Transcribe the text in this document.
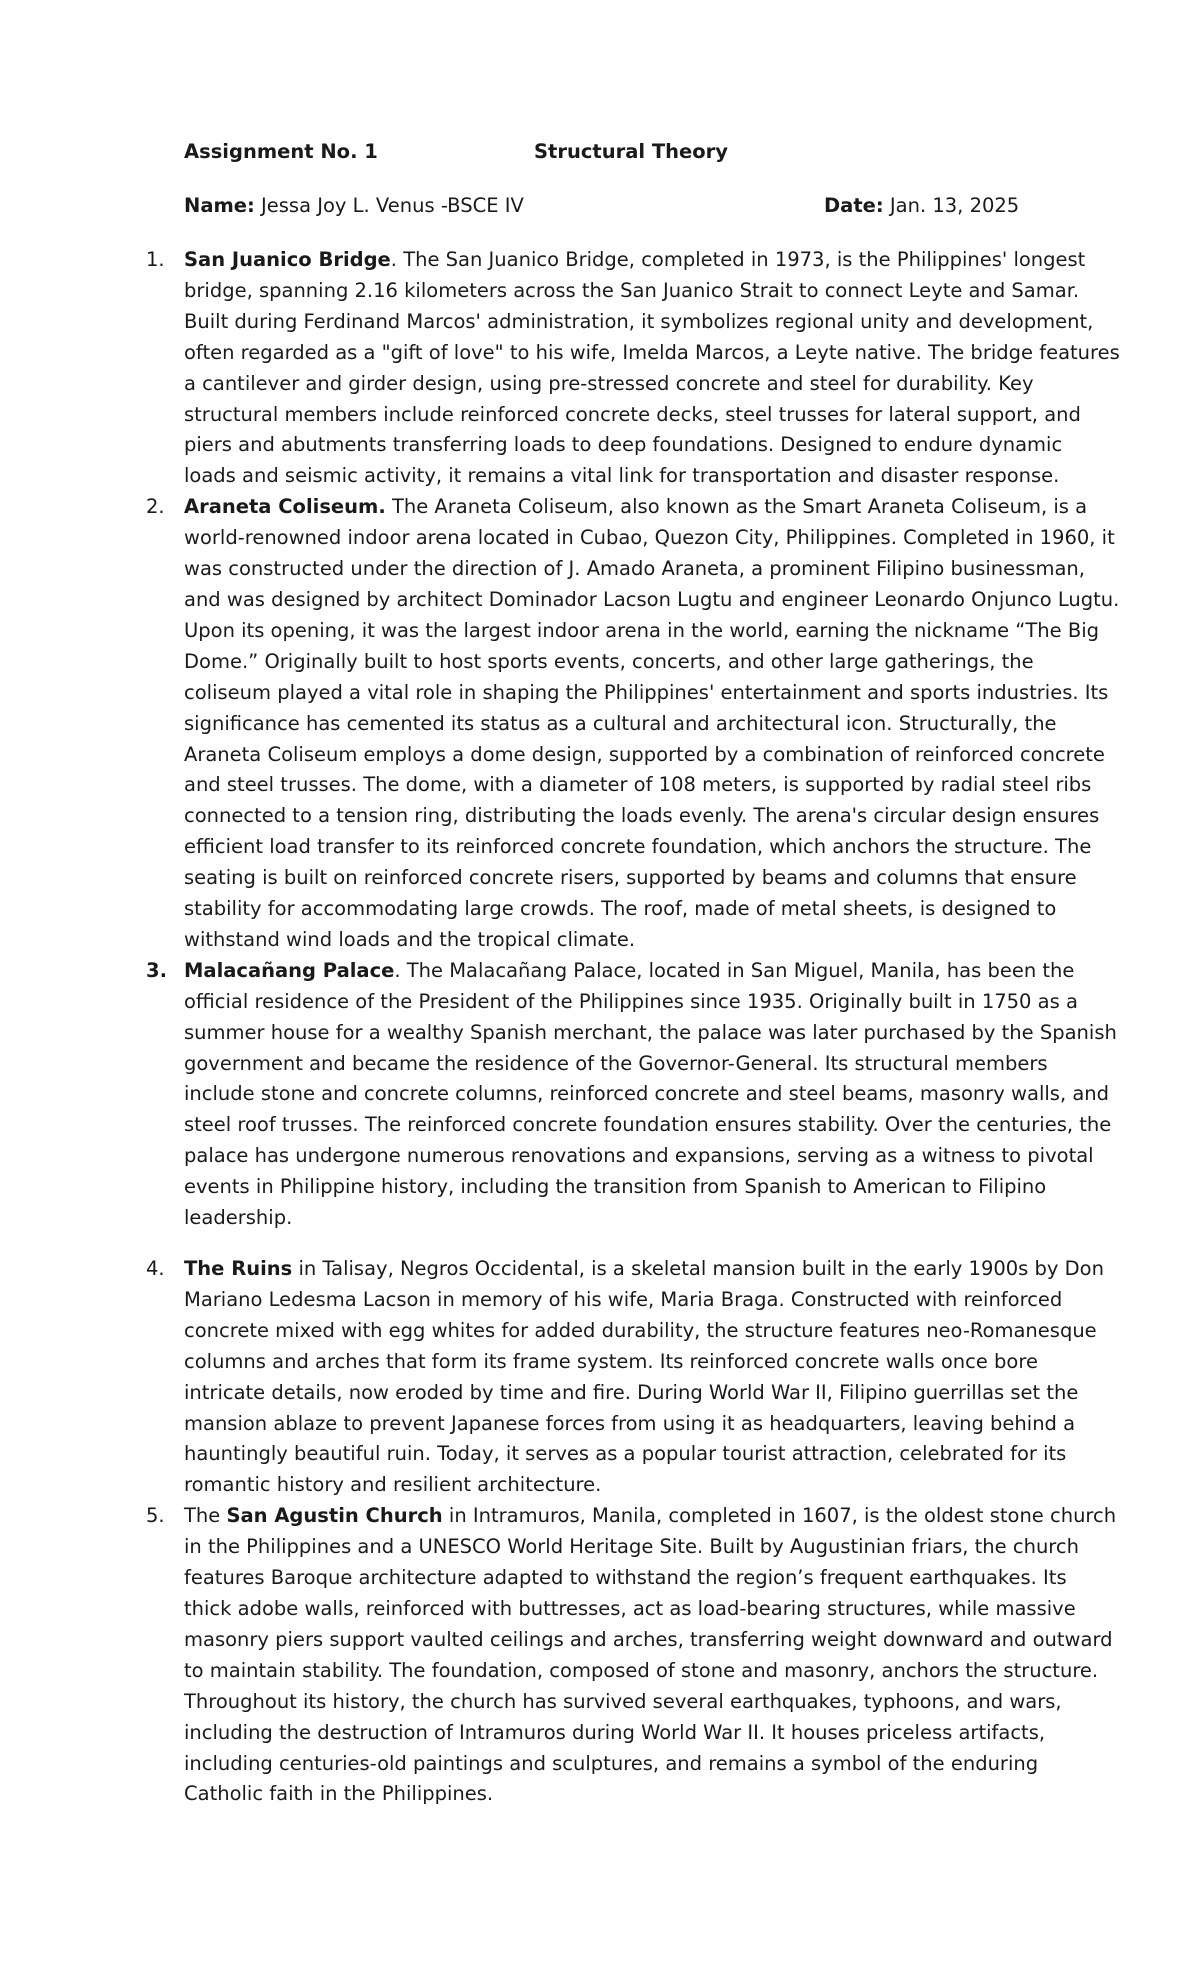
Assignment No. 1	Structural Theory
Name: Jessa Joy L. Venus -BSCE IV	Date: Jan. 13, 2025

1. San Juanico Bridge. The San Juanico Bridge, completed in 1973, is the Philippines' longest bridge, spanning 2.16 kilometers across the San Juanico Strait to connect Leyte and Samar. Built during Ferdinand Marcos' administration, it symbolizes regional unity and development, often regarded as a "gift of love" to his wife, Imelda Marcos, a Leyte native. The bridge features a cantilever and girder design, using pre-stressed concrete and steel for durability. Key structural members include reinforced concrete decks, steel trusses for lateral support, and piers and abutments transferring loads to deep foundations. Designed to endure dynamic loads and seismic activity, it remains a vital link for transportation and disaster response.

2. Araneta Coliseum. The Araneta Coliseum, also known as the Smart Araneta Coliseum, is a world-renowned indoor arena located in Cubao, Quezon City, Philippines. Completed in 1960, it was constructed under the direction of J. Amado Araneta, a prominent Filipino businessman, and was designed by architect Dominador Lacson Lugtu and engineer Leonardo Onjunco Lugtu. Upon its opening, it was the largest indoor arena in the world, earning the nickname “The Big Dome.” Originally built to host sports events, concerts, and other large gatherings, the coliseum played a vital role in shaping the Philippines' entertainment and sports industries. Its significance has cemented its status as a cultural and architectural icon. Structurally, the Araneta Coliseum employs a dome design, supported by a combination of reinforced concrete and steel trusses. The dome, with a diameter of 108 meters, is supported by radial steel ribs connected to a tension ring, distributing the loads evenly. The arena's circular design ensures efficient load transfer to its reinforced concrete foundation, which anchors the structure. The seating is built on reinforced concrete risers, supported by beams and columns that ensure stability for accommodating large crowds. The roof, made of metal sheets, is designed to withstand wind loads and the tropical climate.

3. Malacañang Palace. The Malacañang Palace, located in San Miguel, Manila, has been the official residence of the President of the Philippines since 1935. Originally built in 1750 as a summer house for a wealthy Spanish merchant, the palace was later purchased by the Spanish government and became the residence of the Governor-General. Its structural members include stone and concrete columns, reinforced concrete and steel beams, masonry walls, and steel roof trusses. The reinforced concrete foundation ensures stability. Over the centuries, the palace has undergone numerous renovations and expansions, serving as a witness to pivotal events in Philippine history, including the transition from Spanish to American to Filipino leadership.

4. The Ruins in Talisay, Negros Occidental, is a skeletal mansion built in the early 1900s by Don Mariano Ledesma Lacson in memory of his wife, Maria Braga. Constructed with reinforced concrete mixed with egg whites for added durability, the structure features neo-Romanesque columns and arches that form its frame system. Its reinforced concrete walls once bore intricate details, now eroded by time and fire. During World War II, Filipino guerrillas set the mansion ablaze to prevent Japanese forces from using it as headquarters, leaving behind a hauntingly beautiful ruin. Today, it serves as a popular tourist attraction, celebrated for its romantic history and resilient architecture.

5. The San Agustin Church in Intramuros, Manila, completed in 1607, is the oldest stone church in the Philippines and a UNESCO World Heritage Site. Built by Augustinian friars, the church features Baroque architecture adapted to withstand the region’s frequent earthquakes. Its thick adobe walls, reinforced with buttresses, act as load-bearing structures, while massive masonry piers support vaulted ceilings and arches, transferring weight downward and outward to maintain stability. The foundation, composed of stone and masonry, anchors the structure. Throughout its history, the church has survived several earthquakes, typhoons, and wars, including the destruction of Intramuros during World War II. It houses priceless artifacts, including centuries-old paintings and sculptures, and remains a symbol of the enduring Catholic faith in the Philippines.
